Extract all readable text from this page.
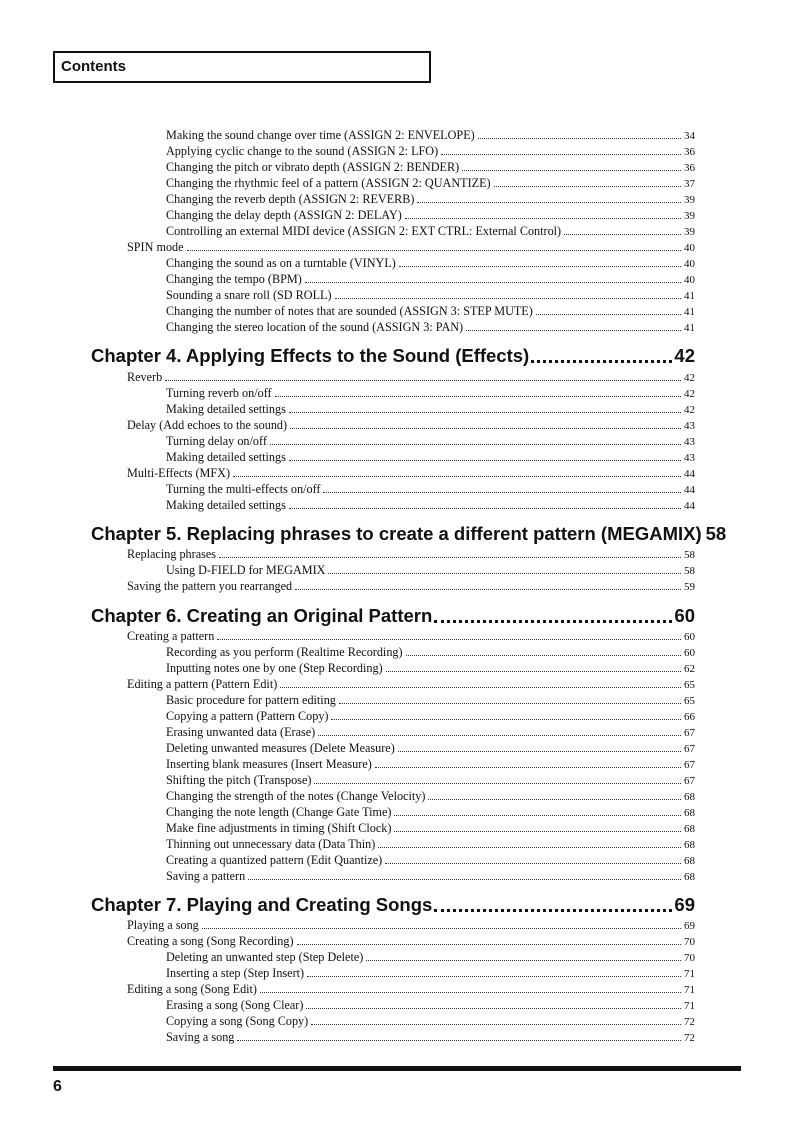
Contents
Making the sound change over time (ASSIGN 2: ENVELOPE)	34
Applying cyclic change to the sound (ASSIGN 2: LFO)	36
Changing the pitch or vibrato depth (ASSIGN 2: BENDER)	36
Changing the rhythmic feel of a pattern (ASSIGN 2: QUANTIZE)	37
Changing the reverb depth (ASSIGN 2: REVERB)	39
Changing the delay depth (ASSIGN 2: DELAY)	39
Controlling an external MIDI device (ASSIGN 2: EXT CTRL: External Control)	39
SPIN mode	40
Changing the sound as on a turntable (VINYL)	40
Changing the tempo (BPM)	40
Sounding a snare roll (SD ROLL)	41
Changing the number of notes that are sounded (ASSIGN 3: STEP MUTE)	41
Changing the stereo location of the sound (ASSIGN 3: PAN)	41
Chapter 4. Applying Effects to the Sound (Effects)	42
Reverb	42
Turning reverb on/off	42
Making detailed settings	42
Delay (Add echoes to the sound)	43
Turning delay on/off	43
Making detailed settings	43
Multi-Effects (MFX)	44
Turning the multi-effects on/off	44
Making detailed settings	44
Chapter 5. Replacing phrases to create a different pattern (MEGAMIX) 58
Replacing phrases	58
Using D-FIELD for MEGAMIX	58
Saving the pattern you rearranged	59
Chapter 6. Creating an Original Pattern	60
Creating a pattern	60
Recording as you perform (Realtime Recording)	60
Inputting notes one by one (Step Recording)	62
Editing a pattern (Pattern Edit)	65
Basic procedure for pattern editing	65
Copying a pattern (Pattern Copy)	66
Erasing unwanted data (Erase)	67
Deleting unwanted measures (Delete Measure)	67
Inserting blank measures (Insert Measure)	67
Shifting the pitch (Transpose)	67
Changing the strength of the notes (Change Velocity)	68
Changing the note length (Change Gate Time)	68
Make fine adjustments in timing (Shift Clock)	68
Thinning out unnecessary data (Data Thin)	68
Creating a quantized pattern (Edit Quantize)	68
Saving a pattern	68
Chapter 7. Playing and Creating Songs	69
Playing a song	69
Creating a song (Song Recording)	70
Deleting an unwanted step (Step Delete)	70
Inserting a step (Step Insert)	71
Editing a song (Song Edit)	71
Erasing a song (Song Clear)	71
Copying a song (Song Copy)	72
Saving a song	72
6
